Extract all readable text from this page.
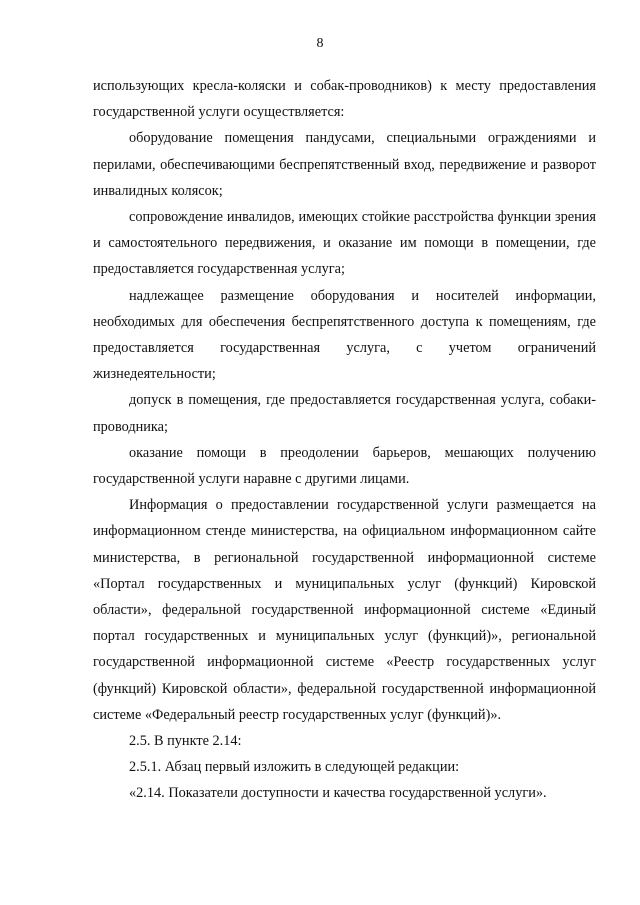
8

использующих кресла-коляски и собак-проводников) к месту предоставления государственной услуги осуществляется:

оборудование помещения пандусами, специальными ограждениями и перилами, обеспечивающими беспрепятственный вход, передвижение и разворот инвалидных колясок;

сопровождение инвалидов, имеющих стойкие расстройства функции зрения и самостоятельного передвижения, и оказание им помощи в помещении, где предоставляется государственная услуга;

надлежащее размещение оборудования и носителей информации, необходимых для обеспечения беспрепятственного доступа к помещениям, где предоставляется государственная услуга, с учетом ограничений жизнедеятельности;

допуск в помещения, где предоставляется государственная услуга, собаки-проводника;

оказание помощи в преодолении барьеров, мешающих получению государственной услуги наравне с другими лицами.

Информация о предоставлении государственной услуги размещается на информационном стенде министерства, на официальном информационном сайте министерства, в региональной государственной информационной системе «Портал государственных и муниципальных услуг (функций) Кировской области», федеральной государственной информационной системе «Единый портал государственных и муниципальных услуг (функций)», региональной государственной информационной системе «Реестр государственных услуг (функций) Кировской области», федеральной государственной информационной системе «Федеральный реестр государственных услуг (функций)».

2.5. В пункте 2.14:

2.5.1. Абзац первый изложить в следующей редакции:

«2.14. Показатели доступности и качества государственной услуги».
